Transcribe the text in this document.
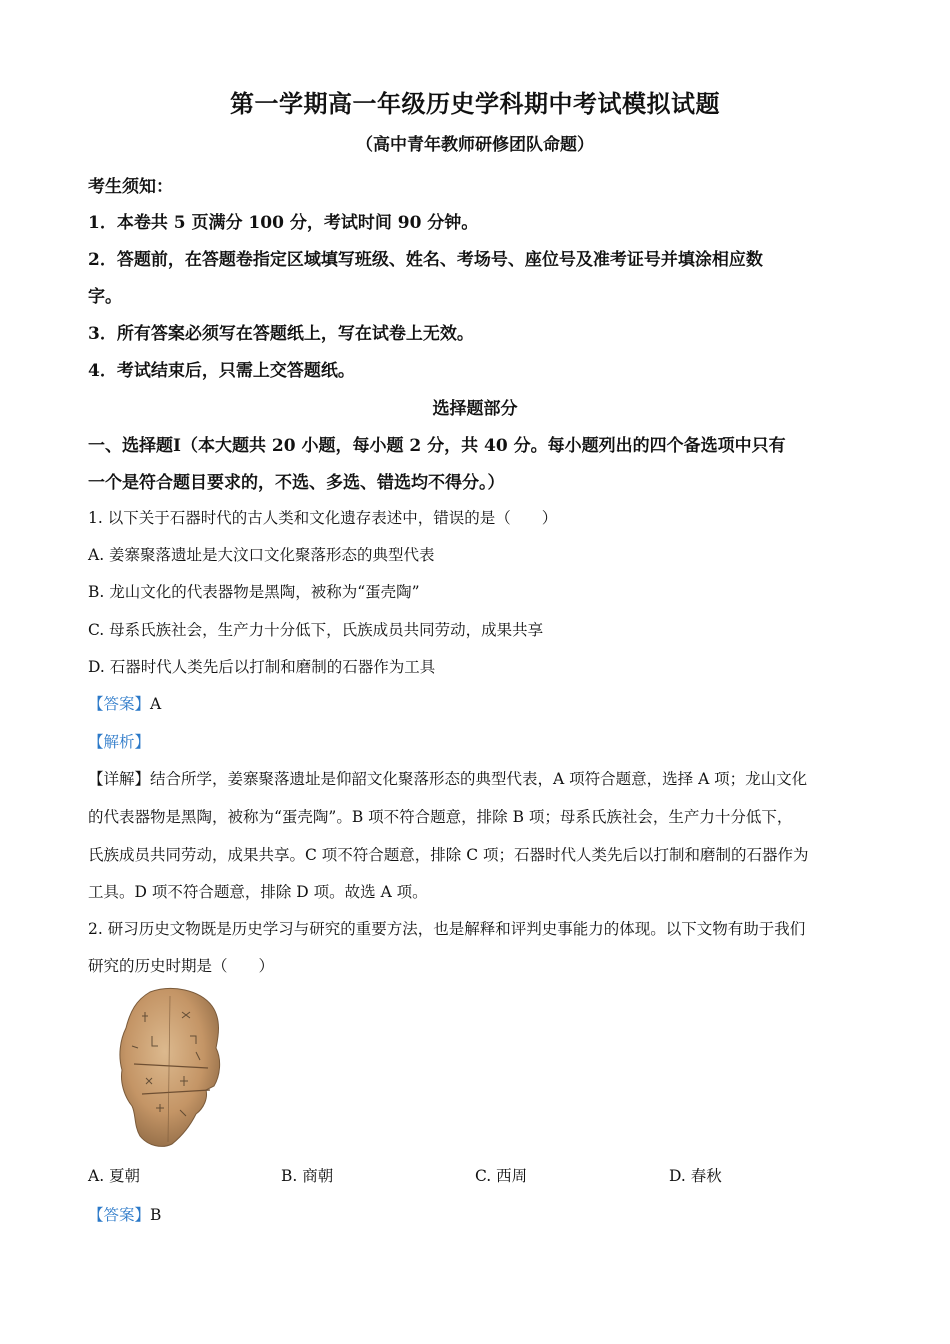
第一学期高一年级历史学科期中考试模拟试题
（高中青年教师研修团队命题）
考生须知：
1．本卷共 5 页满分 100 分，考试时间 90 分钟。
2．答题前，在答题卷指定区域填写班级、姓名、考场号、座位号及准考证号并填涂相应数
字。
3．所有答案必须写在答题纸上，写在试卷上无效。
4．考试结束后，只需上交答题纸。
选择题部分
一、选择题Ⅰ（本大题共 20 小题，每小题 2 分，共 40 分。每小题列出的四个备选项中只有
一个是符合题目要求的，不选、多选、错选均不得分。）
1. 以下关于石器时代的古人类和文化遗存表述中，错误的是（　　）
A. 姜寨聚落遗址是大汶口文化聚落形态的典型代表
B. 龙山文化的代表器物是黑陶，被称为“蛋壳陶”
C. 母系氏族社会，生产力十分低下，氏族成员共同劳动，成果共享
D. 石器时代人类先后以打制和磨制的石器作为工具
【答案】A
【解析】
【详解】结合所学，姜寨聚落遗址是仰韶文化聚落形态的典型代表，A 项符合题意，选择 A 项；龙山文化
的代表器物是黑陶，被称为“蛋壳陶”。B 项不符合题意，排除 B 项；母系氏族社会，生产力十分低下，
氏族成员共同劳动，成果共享。C 项不符合题意，排除 C 项；石器时代人类先后以打制和磨制的石器作为
工具。D 项不符合题意，排除 D 项。故选 A 项。
2. 研习历史文物既是历史学习与研究的重要方法，也是解释和评判史事能力的体现。以下文物有助于我们
研究的历史时期是（　　）
A. 夏朝	B. 商朝	C. 西周	D. 春秋
【答案】B
